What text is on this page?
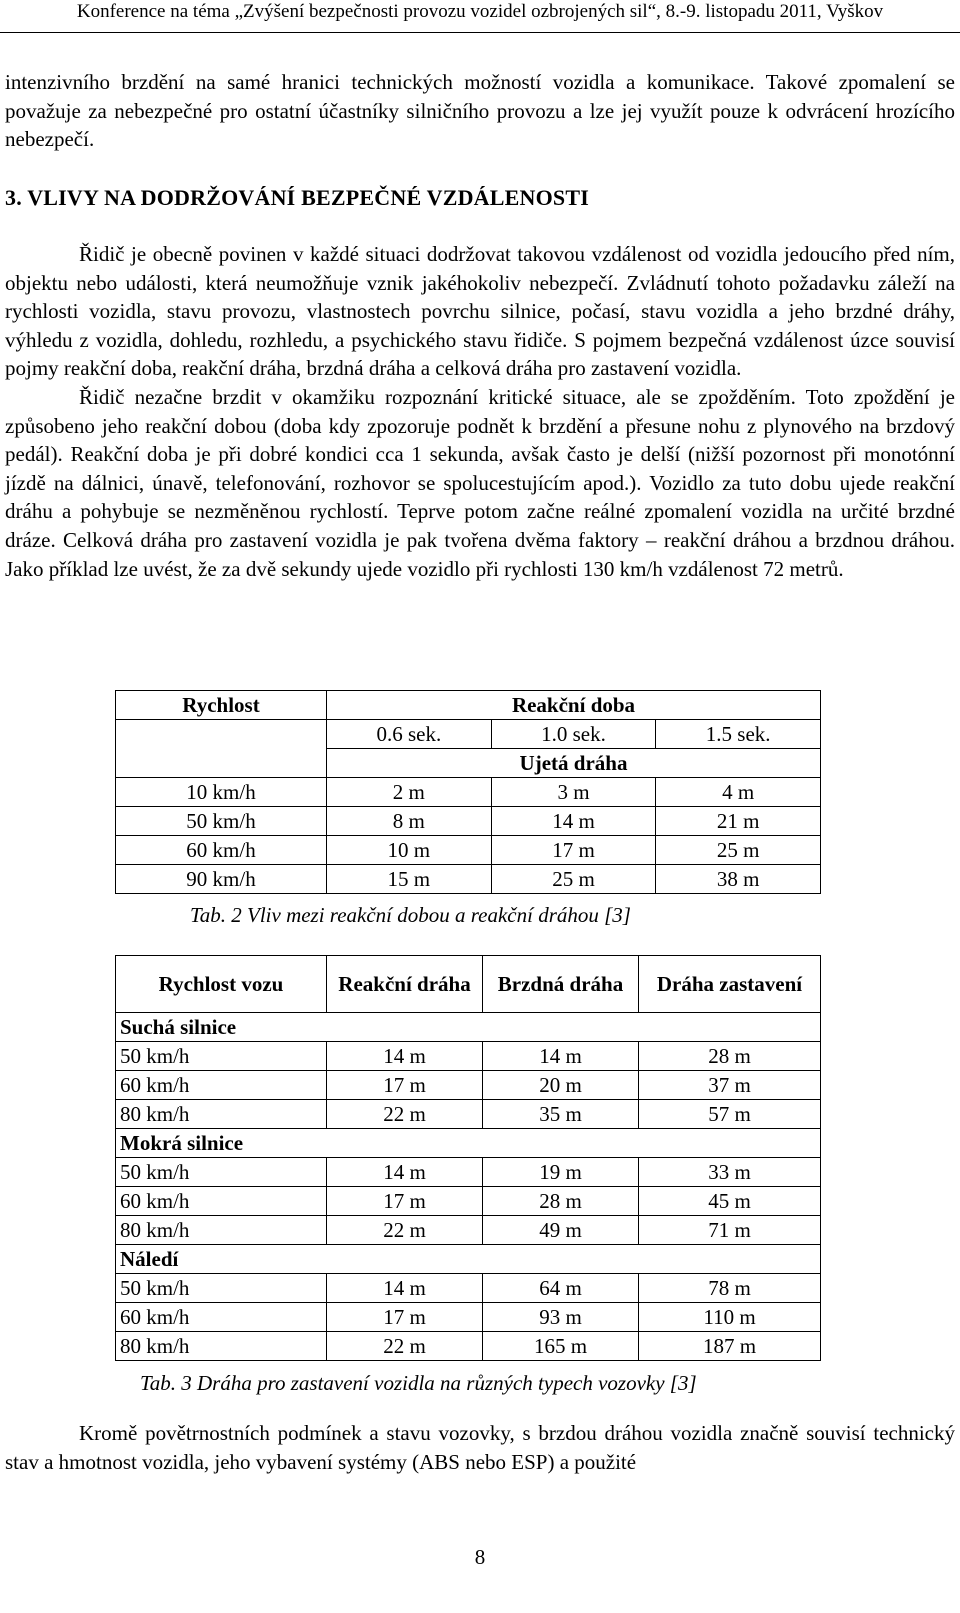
Konference na téma „Zvýšení bezpečnosti provozu vozidel ozbrojených sil“, 8.-9. listopadu 2011, Vyškov

intenzivního brzdění na samé hranici technických možností vozidla a komunikace. Takové zpomalení se považuje za nebezpečné pro ostatní účastníky silničního provozu a lze jej využít pouze k odvrácení hrozícího nebezpečí.

3. VLIVY NA DODRŽOVÁNÍ BEZPEČNÉ VZDÁLENOSTI

Řidič je obecně povinen v každé situaci dodržovat takovou vzdálenost od vozidla jedoucího před ním, objektu nebo události, která neumožňuje vznik jakéhokoliv nebezpečí. Zvládnutí tohoto požadavku záleží na rychlosti vozidla, stavu provozu, vlastnostech povrchu silnice, počasí, stavu vozidla a jeho brzdné dráhy, výhledu z vozidla, dohledu, rozhledu, a psychického stavu řidiče. S pojmem bezpečná vzdálenost úzce souvisí pojmy reakční doba, reakční dráha, brzdná dráha a celková dráha pro zastavení vozidla.

Řidič nezačne brzdit v okamžiku rozpoznání kritické situace, ale se zpožděním. Toto zpoždění je způsobeno jeho reakční dobou (doba kdy zpozoruje podnět k brzdění a přesune nohu z plynového na brzdový pedál). Reakční doba je při dobré kondici cca 1 sekunda, avšak často je delší (nižší pozornost při monotónní jízdě na dálnici, únavě, telefonování, rozhovor se spolucestujícím apod.). Vozidlo za tuto dobu ujede reakční dráhu a pohybuje se nezměněnou rychlostí. Teprve potom začne reálné zpomalení vozidla na určité brzdné dráze. Celková dráha pro zastavení vozidla je pak tvořena dvěma faktory – reakční dráhou a brzdnou dráhou. Jako příklad lze uvést, že za dvě sekundy ujede vozidlo při rychlosti 130 km/h vzdálenost 72 metrů.

Rychlost	Reakční doba		
	0.6 sek.	1.0 sek.	1.5 sek.
	Ujetá dráha		
10 km/h	2 m	3 m	4 m
50 km/h	8 m	14 m	21 m
60 km/h	10 m	17 m	25 m
90 km/h	15 m	25 m	38 m
Tab. 2 Vliv mezi reakční dobou a reakční dráhou [3]
Rychlost vozu	Reakční dráha	Brzdná dráha	Dráha zastavení
Suchá silnice			
50 km/h	14 m	14 m	28 m
60 km/h	17 m	20 m	37 m
80 km/h	22 m	35 m	57 m
Mokrá silnice			
50 km/h	14 m	19 m	33 m
60 km/h	17 m	28 m	45 m
80 km/h	22 m	49 m	71 m
Náledí			
50 km/h	14 m	64 m	78 m
60 km/h	17 m	93 m	110 m
80 km/h	22 m	165 m	187 m
Tab. 3 Dráha pro zastavení vozidla na různých typech vozovky [3]

Kromě povětrnostních podmínek a stavu vozovky, s brzdou dráhou vozidla značně souvisí technický stav a hmotnost vozidla, jeho vybavení systémy (ABS nebo ESP) a použité

8
